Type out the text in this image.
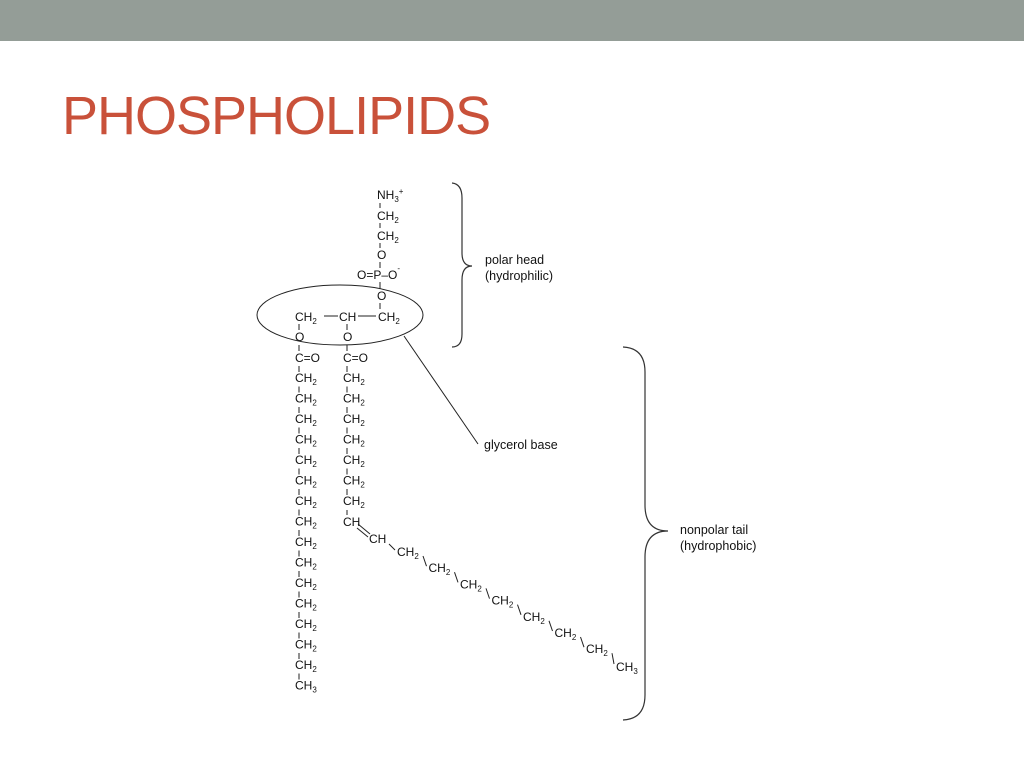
PHOSPHOLIPIDS
$NH_3^+$
$CH_2$
$CH_2$
O
O=P–O-
O
$CH_2$ CH $CH_2$
O
C=O
$CH_2$
$CH_2$
$CH_2$
$CH_2$
$CH_2$
$CH_2$
$CH_2$
$CH_2$
$CH_2$
$CH_2$
$CH_2$
$CH_2$
$CH_2$
$CH_2$
$CH_2$
$CH_3$
O
C=O
$CH_2$
$CH_2$
$CH_2$
$CH_2$
$CH_2$
$CH_2$
$CH_2$
CH
CH
$CH_2$
$CH_2$
$CH_2$
$CH_2$
$CH_2$
$CH_2$
$CH_2$
$CH_3$
polar head
(hydrophilic)
glycerol base
nonpolar tail
(hydrophobic)
